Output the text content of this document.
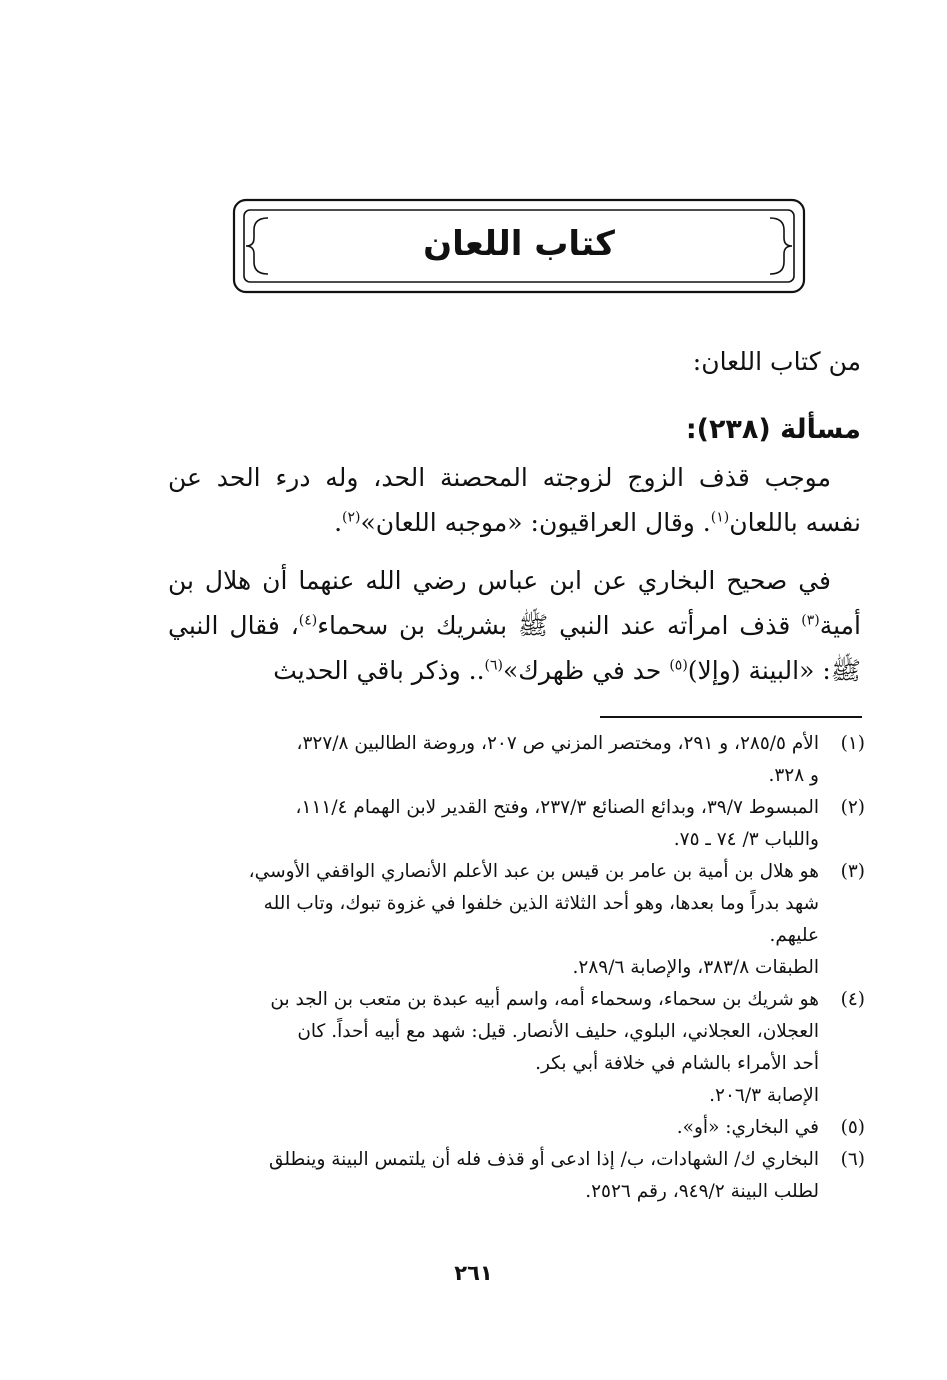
كتاب اللعان
من كتاب اللعان:
مسألة (٢٣٨):
موجب قذف الزوج لزوجته المحصنة الحد، وله درء الحد عن نفسه باللعان$^{(١)}$. وقال العراقيون: «موجبه اللعان»$^{(٢)}$.
في صحيح البخاري عن ابن عباس رضي الله عنهما أن هلال بن أمية$^{(٣)}$ قذف امرأته عند النبي ﷺ بشريك بن سحماء$^{(٤)}$، فقال النبي ﷺ: «البينة (وإلا)$^{(٥)}$ حد في ظهرك»$^{(٦)}$.. وذكر باقي الحديث
(١)
الأم ٢٨٥/٥، و ٢٩١، ومختصر المزني ص ٢٠٧، وروضة الطالبين ٣٢٧/٨،
و ٣٢٨.
(٢)
المبسوط ٣٩/٧، وبدائع الصنائع ٢٣٧/٣، وفتح القدير لابن الهمام ١١١/٤،
واللباب ٣/ ٧٤ ـ ٧٥.
(٣)
هو هلال بن أمية بن عامر بن قيس بن عبد الأعلم الأنصاري الواقفي الأوسي،
شهد بدراً وما بعدها، وهو أحد الثلاثة الذين خلفوا في غزوة تبوك، وتاب الله
عليهم.
الطبقات ٣٨٣/٨، والإصابة ٢٨٩/٦.
(٤)
هو شريك بن سحماء، وسحماء أمه، واسم أبيه عبدة بن متعب بن الجد بن
العجلان، العجلاني، البلوي، حليف الأنصار. قيل: شهد مع أبيه أحداً. كان
أحد الأمراء بالشام في خلافة أبي بكر.
الإصابة ٢٠٦/٣.
(٥)
في البخاري: «أو».
(٦)
البخاري ك/ الشهادات، ب/ إذا ادعى أو قذف فله أن يلتمس البينة وينطلق
لطلب البينة ٩٤٩/٢، رقم ٢٥٢٦.
٢٦١
